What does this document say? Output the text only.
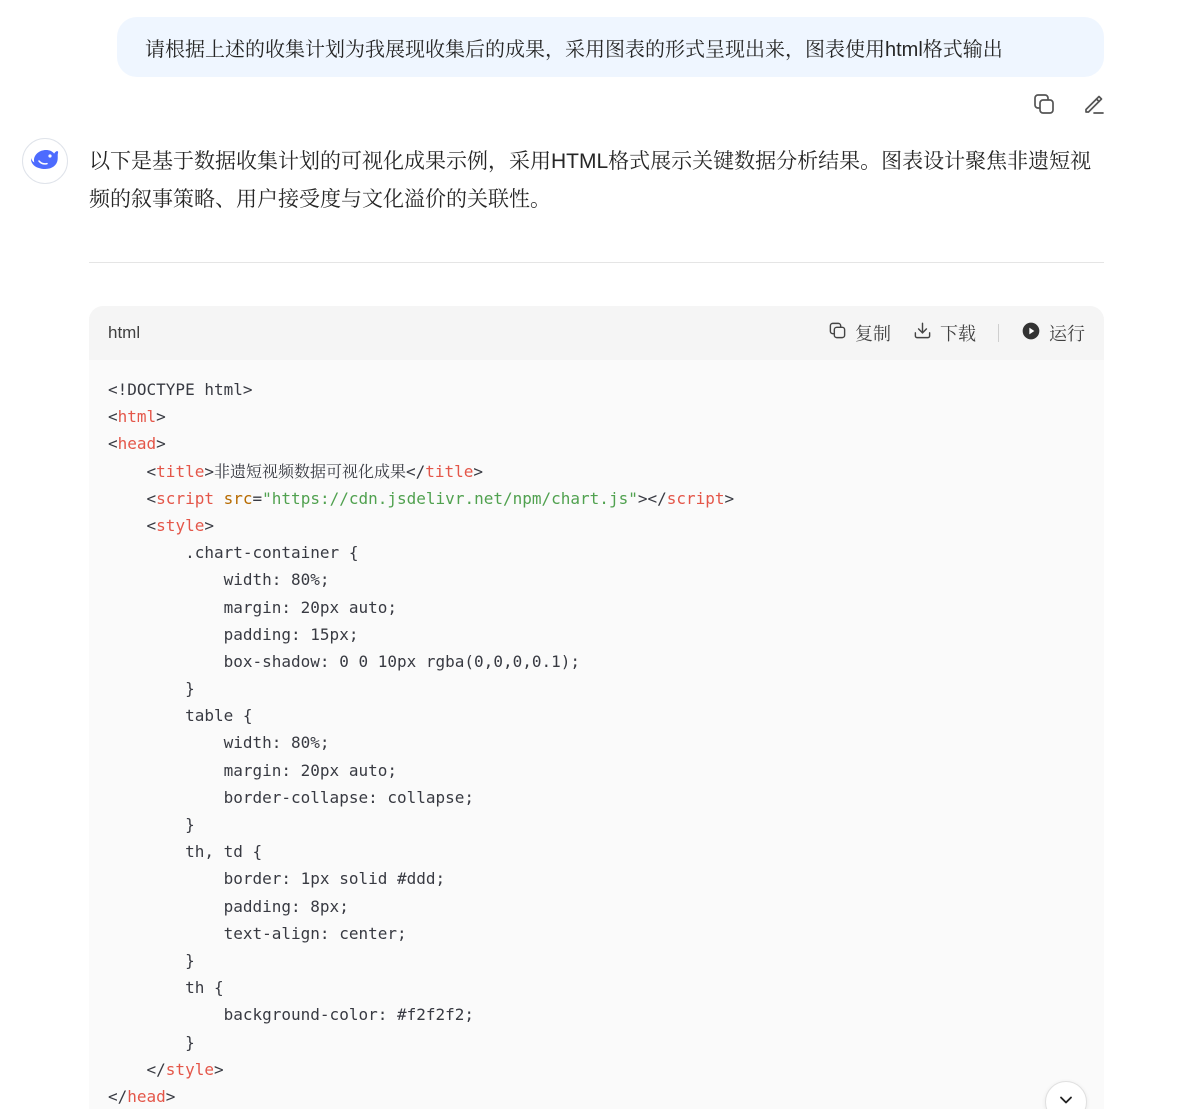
请根据上述的收集计划为我展现收集后的成果，采用图表的形式呈现出来，图表使用html格式输出
以下是基于数据收集计划的可视化成果示例，采用HTML格式展示关键数据分析结果。图表设计聚焦非遗短视频的叙事策略、用户接受度与文化溢价的关联性。
html	复制	下载	运行
<!DOCTYPE html>
<html>
<head>
<title>非遗短视频数据可视化成果</title>
<script src="https://cdn.jsdelivr.net/npm/chart.js"></script>
<style>
.chart-container {
width: 80%;
margin: 20px auto;
padding: 15px;
box-shadow: 0 0 10px rgba(0,0,0,0.1);
}
table {
width: 80%;
margin: 20px auto;
border-collapse: collapse;
}
th, td {
border: 1px solid #ddd;
padding: 8px;
text-align: center;
}
th {
background-color: #f2f2f2;
}
</style>
</head>
